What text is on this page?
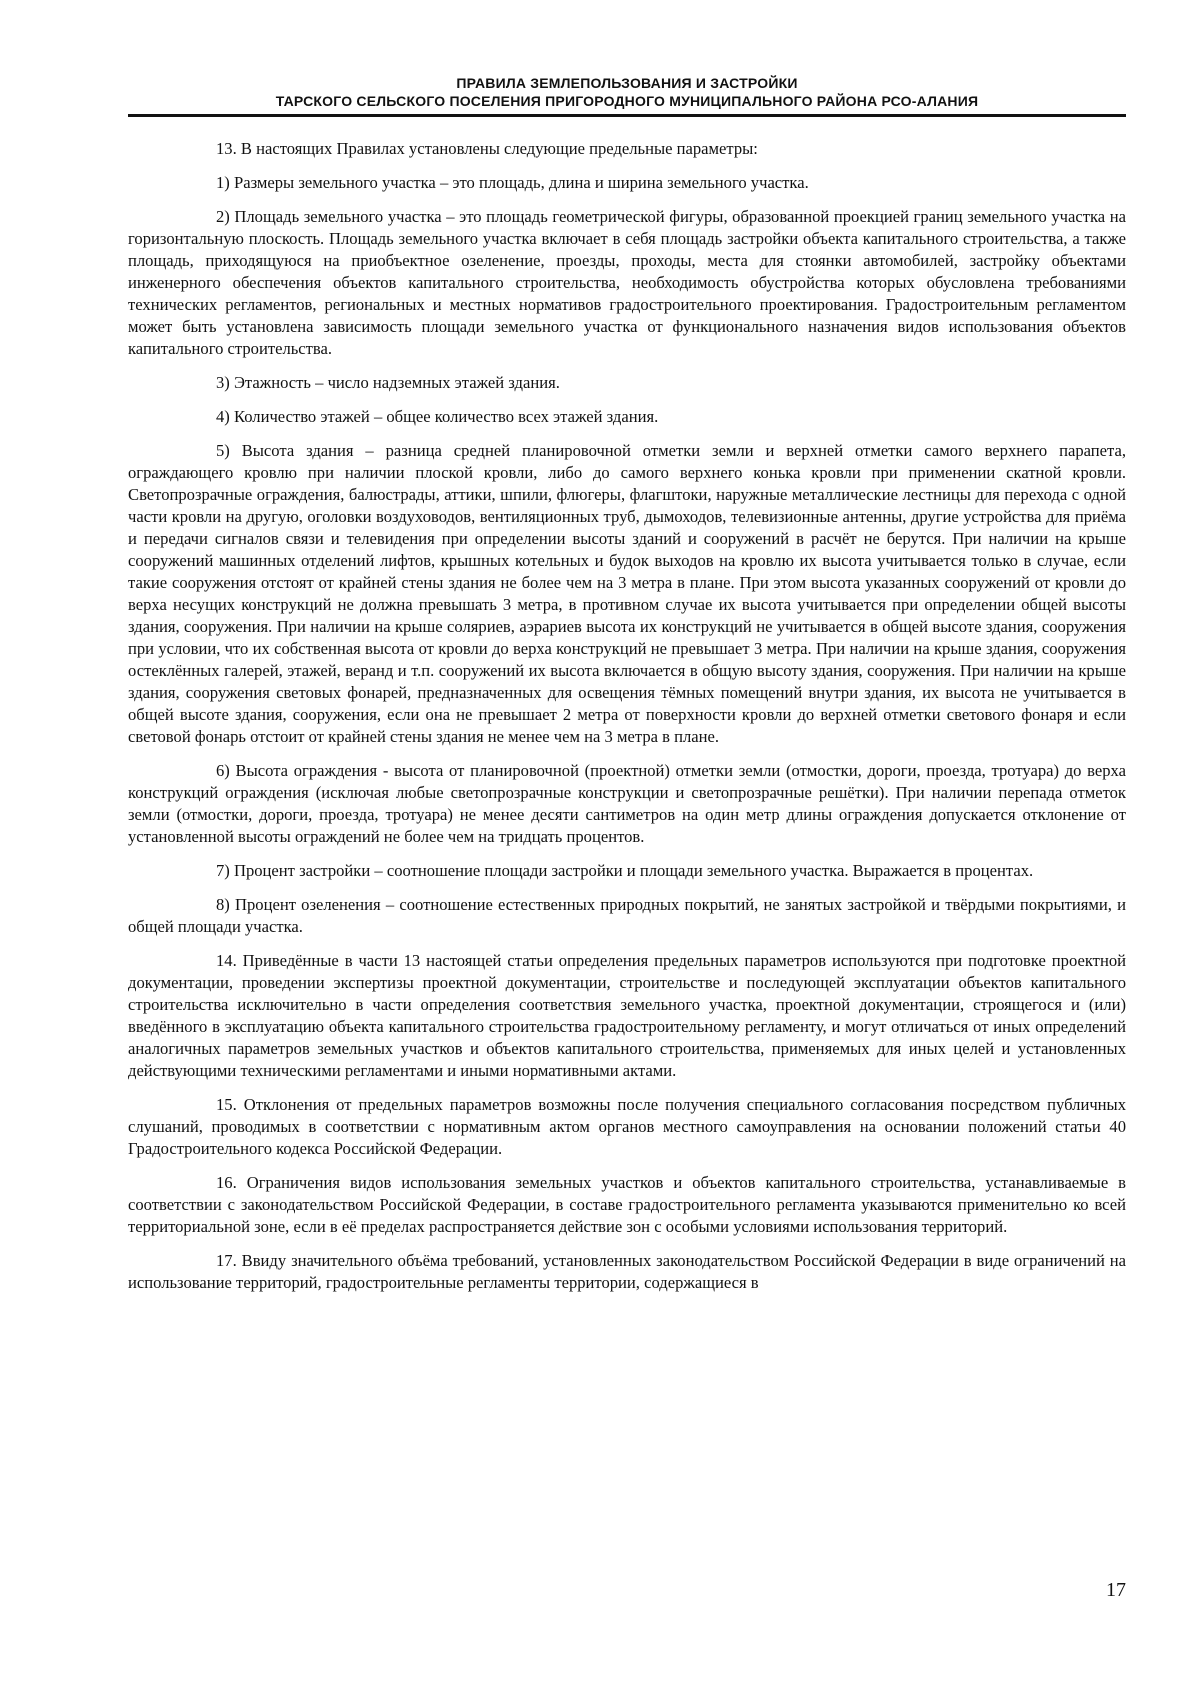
ПРАВИЛА ЗЕМЛЕПОЛЬЗОВАНИЯ И ЗАСТРОЙКИ
ТАРСКОГО СЕЛЬСКОГО ПОСЕЛЕНИЯ ПРИГОРОДНОГО МУНИЦИПАЛЬНОГО РАЙОНА РСО-АЛАНИЯ

13. В настоящих Правилах установлены следующие предельные параметры:

1) Размеры земельного участка – это площадь, длина и ширина земельного участка.

2) Площадь земельного участка – это площадь геометрической фигуры, образованной проекцией границ земельного участка на горизонтальную плоскость. Площадь земельного участка включает в себя площадь застройки объекта капитального строительства, а также площадь, приходящуюся на приобъектное озеленение, проезды, проходы, места для стоянки автомобилей, застройку объектами инженерного обеспечения объектов капитального строительства, необходимость обустройства которых обусловлена требованиями технических регламентов, региональных и местных нормативов градостроительного проектирования. Градостроительным регламентом может быть установлена зависимость площади земельного участка от функционального назначения видов использования объектов капитального строительства.

3) Этажность – число надземных этажей здания.

4) Количество этажей – общее количество всех этажей здания.

5) Высота здания – разница средней планировочной отметки земли и верхней отметки самого верхнего парапета, ограждающего кровлю при наличии плоской кровли, либо до самого верхнего конька кровли при применении скатной кровли. Светопрозрачные ограждения, балюстрады, аттики, шпили, флюгеры, флагштоки, наружные металлические лестницы для перехода с одной части кровли на другую, оголовки воздуховодов, вентиляционных труб, дымоходов, телевизионные антенны, другие устройства для приёма и передачи сигналов связи и телевидения при определении высоты зданий и сооружений в расчёт не берутся. При наличии на крыше сооружений машинных отделений лифтов, крышных котельных и будок выходов на кровлю их высота учитывается только в случае, если такие сооружения отстоят от крайней стены здания не более чем на 3 метра в плане. При этом высота указанных сооружений от кровли до верха несущих конструкций не должна превышать 3 метра, в противном случае их высота учитывается при определении общей высоты здания, сооружения. При наличии на крыше соляриев, аэрариев высота их конструкций не учитывается в общей высоте здания, сооружения при условии, что их собственная высота от кровли до верха конструкций не превышает 3 метра. При наличии на крыше здания, сооружения остеклённых галерей, этажей, веранд и т.п. сооружений их высота включается в общую высоту здания, сооружения. При наличии на крыше здания, сооружения световых фонарей, предназначенных для освещения тёмных помещений внутри здания, их высота не учитывается в общей высоте здания, сооружения, если она не превышает 2 метра от поверхности кровли до верхней отметки светового фонаря и если световой фонарь отстоит от крайней стены здания не менее чем на 3 метра в плане.

6) Высота ограждения - высота от планировочной (проектной) отметки земли (отмостки, дороги, проезда, тротуара) до верха конструкций ограждения (исключая любые светопрозрачные конструкции и светопрозрачные решётки). При наличии перепада отметок земли (отмостки, дороги, проезда, тротуара) не менее десяти сантиметров на один метр длины ограждения допускается отклонение от установленной высоты ограждений не более чем на тридцать процентов.

7) Процент застройки – соотношение площади застройки и площади земельного участка. Выражается в процентах.

8) Процент озеленения – соотношение естественных природных покрытий, не занятых застройкой и твёрдыми покрытиями, и общей площади участка.

14. Приведённые в части 13 настоящей статьи определения предельных параметров используются при подготовке проектной документации, проведении экспертизы проектной документации, строительстве и последующей эксплуатации объектов капитального строительства исключительно в части определения соответствия земельного участка, проектной документации, строящегося и (или) введённого в эксплуатацию объекта капитального строительства градостроительному регламенту, и могут отличаться от иных определений аналогичных параметров земельных участков и объектов капитального строительства, применяемых для иных целей и установленных действующими техническими регламентами и иными нормативными актами.

15. Отклонения от предельных параметров возможны после получения специального согласования посредством публичных слушаний, проводимых в соответствии с нормативным актом органов местного самоуправления на основании положений статьи 40 Градостроительного кодекса Российской Федерации.

16. Ограничения видов использования земельных участков и объектов капитального строительства, устанавливаемые в соответствии с законодательством Российской Федерации, в составе градостроительного регламента указываются применительно ко всей территориальной зоне, если в её пределах распространяется действие зон с особыми условиями использования территорий.

17. Ввиду значительного объёма требований, установленных законодательством Российской Федерации в виде ограничений на использование территорий, градостроительные регламенты территории, содержащиеся в

17
